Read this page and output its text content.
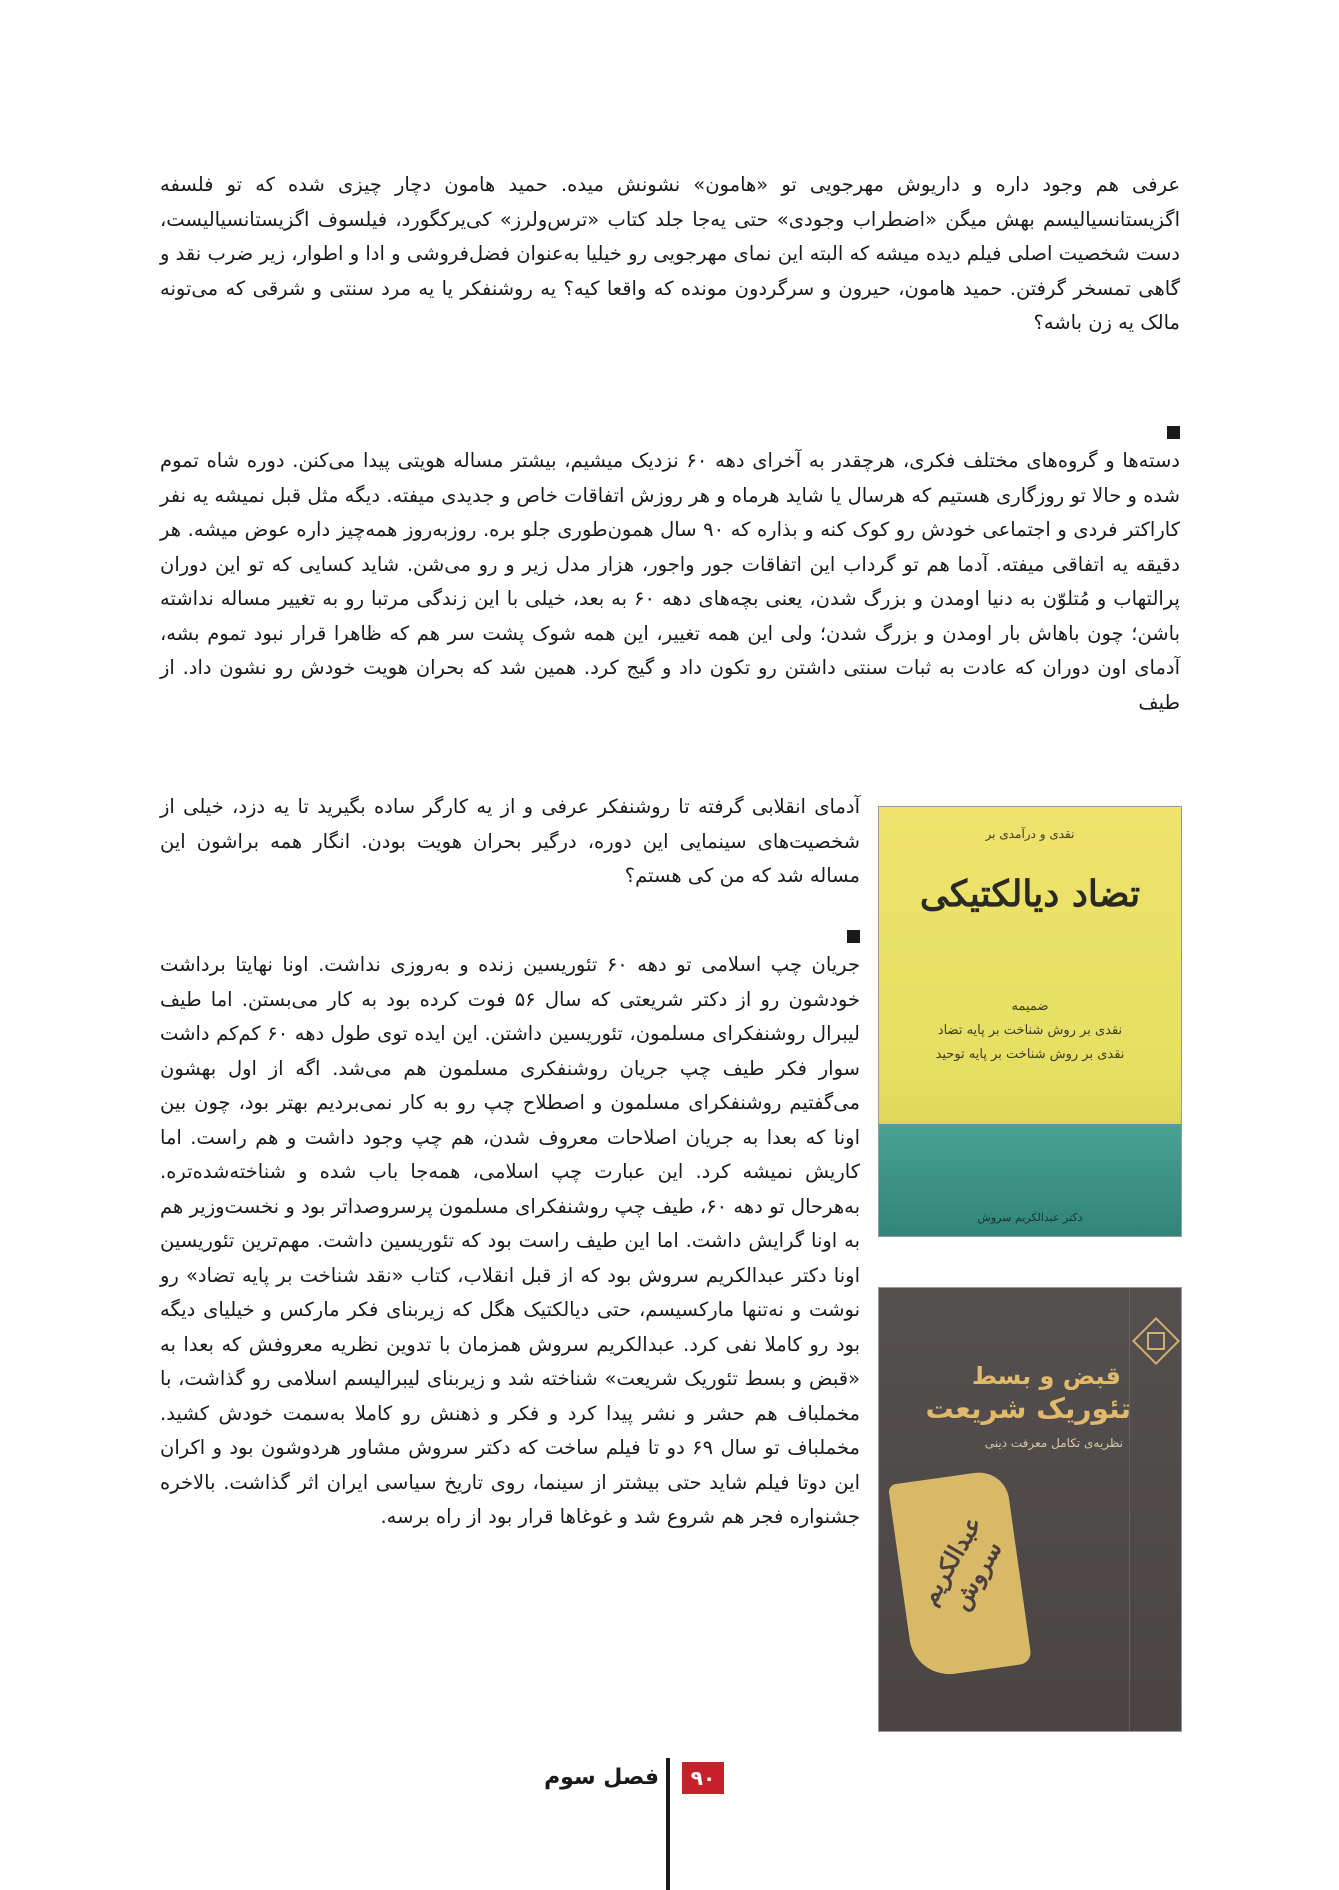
عرفی هم وجود داره و داریوش مهرجویی تو «هامون» نشونش میده. حمید هامون دچار چیزی شده که تو فلسفه اگزیستانسیالیسم بهش میگن «اضطراب وجودی» حتی یه‌جا جلد کتاب «ترس‌ولرز» کی‌یرکگورد، فیلسوف اگزیستانسیالیست، دست شخصیت اصلی فیلم دیده میشه که البته این نمای مهرجویی رو خیلیا به‌عنوان فضل‌فروشی و ادا و اطوار، زیر ضرب نقد و گاهی تمسخر گرفتن. حمید هامون، حیرون و سرگردون مونده که واقعا کیه؟ یه روشنفکر یا یه مرد سنتی و شرقی که می‌تونه مالک یه زن باشه؟

دسته‌ها و گروه‌های مختلف فکری، هرچقدر به آخرای دهه ۶۰ نزدیک میشیم، بیشتر مساله هویتی پیدا می‌کنن. دوره شاه تموم شده و حالا تو روزگاری هستیم که هرسال یا شاید هرماه و هر روزش اتفاقات خاص و جدیدی میفته. دیگه مثل قبل نمیشه یه نفر کاراکتر فردی و اجتماعی خودش رو کوک کنه و بذاره که ۹۰ سال همون‌طوری جلو بره. روزبه‌روز همه‌چیز داره عوض میشه. هر دقیقه یه اتفاقی میفته. آدما هم تو گرداب این اتفاقات جور واجور، هزار مدل زیر و رو می‌شن. شاید کسایی که تو این دوران پرالتهاب و مُتلوّن به دنیا اومدن و بزرگ شدن، یعنی بچه‌های دهه ۶۰ به بعد، خیلی با این زندگی مرتبا رو به تغییر مساله نداشته باشن؛ چون باهاش بار اومدن و بزرگ شدن؛ ولی این همه تغییر، این همه شوک پشت سر هم که ظاهرا قرار نبود تموم بشه، آدمای اون دوران که عادت به ثبات سنتی داشتن رو تکون داد و گیج کرد. همین شد که بحران هویت خودش رو نشون داد. از طیف

آدمای انقلابی گرفته تا روشنفکر عرفی و از یه کارگر ساده بگیرید تا یه دزد، خیلی از شخصیت‌های سینمایی این دوره، درگیر بحران هویت بودن. انگار همه براشون این مساله شد که من کی هستم؟

جریان چپ اسلامی تو دهه ۶۰ تئوریسین زنده و به‌روزی نداشت. اونا نهایتا برداشت خودشون رو از دکتر شریعتی که سال ۵۶ فوت کرده بود به کار می‌بستن. اما طیف لیبرال روشنفکرای مسلمون، تئوریسین داشتن. این ایده توی طول دهه ۶۰ کم‌کم داشت سوار فکر طیف چپ جریان روشنفکری مسلمون هم می‌شد. اگه از اول بهشون می‌گفتیم روشنفکرای مسلمون و اصطلاح چپ رو به کار نمی‌بردیم بهتر بود، چون بین اونا که بعدا به جریان اصلاحات معروف شدن، هم چپ وجود داشت و هم راست. اما کاریش نمیشه کرد. این عبارت چپ اسلامی، همه‌جا باب شده و شناخته‌شده‌تره. به‌هرحال تو دهه ۶۰، طیف چپ روشنفکرای مسلمون پرسروصداتر بود و نخست‌وزیر هم به اونا گرایش داشت. اما این طیف راست بود که تئوریسین داشت. مهم‌ترین تئوریسین اونا دکتر عبدالکریم سروش بود که از قبل انقلاب، کتاب «نقد شناخت بر پایه تضاد» رو نوشت و نه‌تنها مارکسیسم، حتی دیالکتیک هگل که زیربنای فکر مارکس و خیلیای دیگه بود رو کاملا نفی کرد. عبدالکریم سروش همزمان با تدوین نظریه معروفش که بعدا به «قبض و بسط تئوریک شریعت» شناخته شد و زیربنای لیبرالیسم اسلامی رو گذاشت، با مخملباف هم حشر و نشر پیدا کرد و فکر و ذهنش رو کاملا به‌سمت خودش کشید. مخملباف تو سال ۶۹ دو تا فیلم ساخت که دکتر سروش مشاور هردوشون بود و اکران این دوتا فیلم شاید حتی بیشتر از سینما، روی تاریخ سیاسی ایران اثر گذاشت. بالاخره جشنواره فجر هم شروع شد و غوغاها قرار بود از راه برسه.

نقدی و درآمدی بر
تضاد دیالکتیکی
ضمیمه
نقدی بر روش شناخت بر پایه تضاد
نقدی بر روش شناخت بر پایه توحید
دکتر عبدالکریم سروش
قبض و بسط
تئوریک شریعت
نظریه‌ی تکامل معرفت دینی
عبدالکریم سروش
۹۰
فصل سوم
